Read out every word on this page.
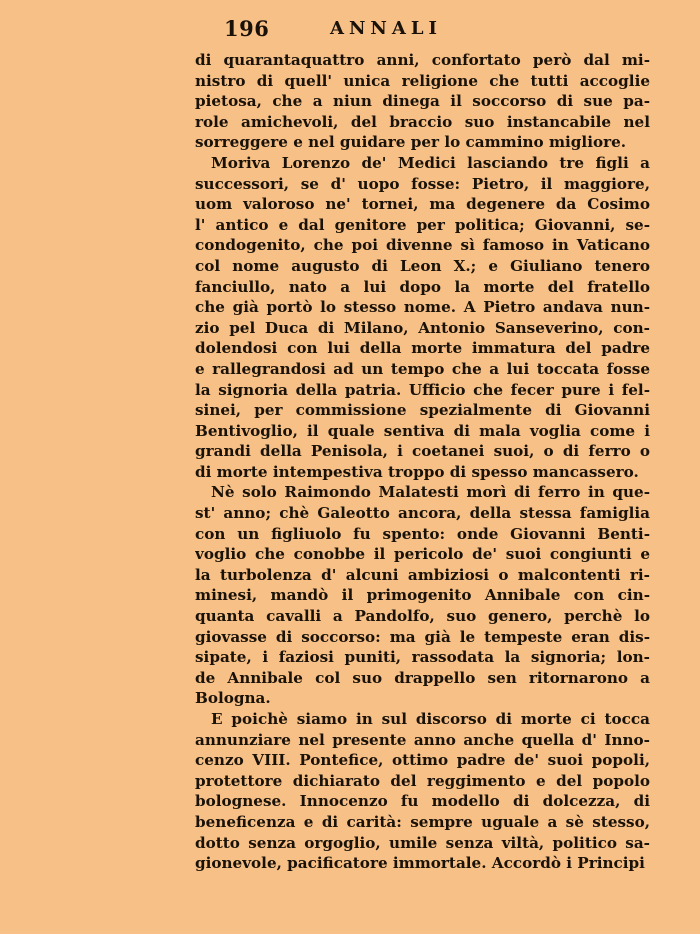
196	ANNALI
di quarantaquattro anni, confortato però dal mi-
nistro di quell' unica religione che tutti accoglie
pietosa, che a niun dinega il soccorso di sue pa-
role amichevoli, del braccio suo instancabile nel
sorreggere e nel guidare per lo cammino migliore.
Moriva Lorenzo de' Medici lasciando tre figli a
successori, se d' uopo fosse: Pietro, il maggiore,
uom valoroso ne' tornei, ma degenere da Cosimo
l' antico e dal genitore per politica; Giovanni, se-
condogenito, che poi divenne sì famoso in Vaticano
col nome augusto di Leon X.; e Giuliano tenero
fanciullo, nato a lui dopo la morte del fratello
che già portò lo stesso nome. A Pietro andava nun-
zio pel Duca di Milano, Antonio Sanseverino, con-
dolendosi con lui della morte immatura del padre
e rallegrandosi ad un tempo che a lui toccata fosse
la signoria della patria. Ufficio che fecer pure i fel-
sinei, per commissione spezialmente di Giovanni
Bentivoglio, il quale sentiva di mala voglia come i
grandi della Penisola, i coetanei suoi, o di ferro o
di morte intempestiva troppo di spesso mancassero.
Nè solo Raimondo Malatesti morì di ferro in que-
st' anno; chè Galeotto ancora, della stessa famiglia
con un figliuolo fu spento: onde Giovanni Benti-
voglio che conobbe il pericolo de' suoi congiunti e
la turbolenza d' alcuni ambiziosi o malcontenti ri-
minesi, mandò il primogenito Annibale con cin-
quanta cavalli a Pandolfo, suo genero, perchè lo
giovasse di soccorso: ma già le tempeste eran dis-
sipate, i faziosi puniti, rassodata la signoria; lon-
de Annibale col suo drappello sen ritornarono a
Bologna.
E poichè siamo in sul discorso di morte ci tocca
annunziare nel presente anno anche quella d' Inno-
cenzo VIII. Pontefice, ottimo padre de' suoi popoli,
protettore dichiarato del reggimento e del popolo
bolognese. Innocenzo fu modello di dolcezza, di
beneficenza e di carità: sempre uguale a sè stesso,
dotto senza orgoglio, umile senza viltà, politico sa-
gionevole, pacificatore immortale. Accordò i Principi
